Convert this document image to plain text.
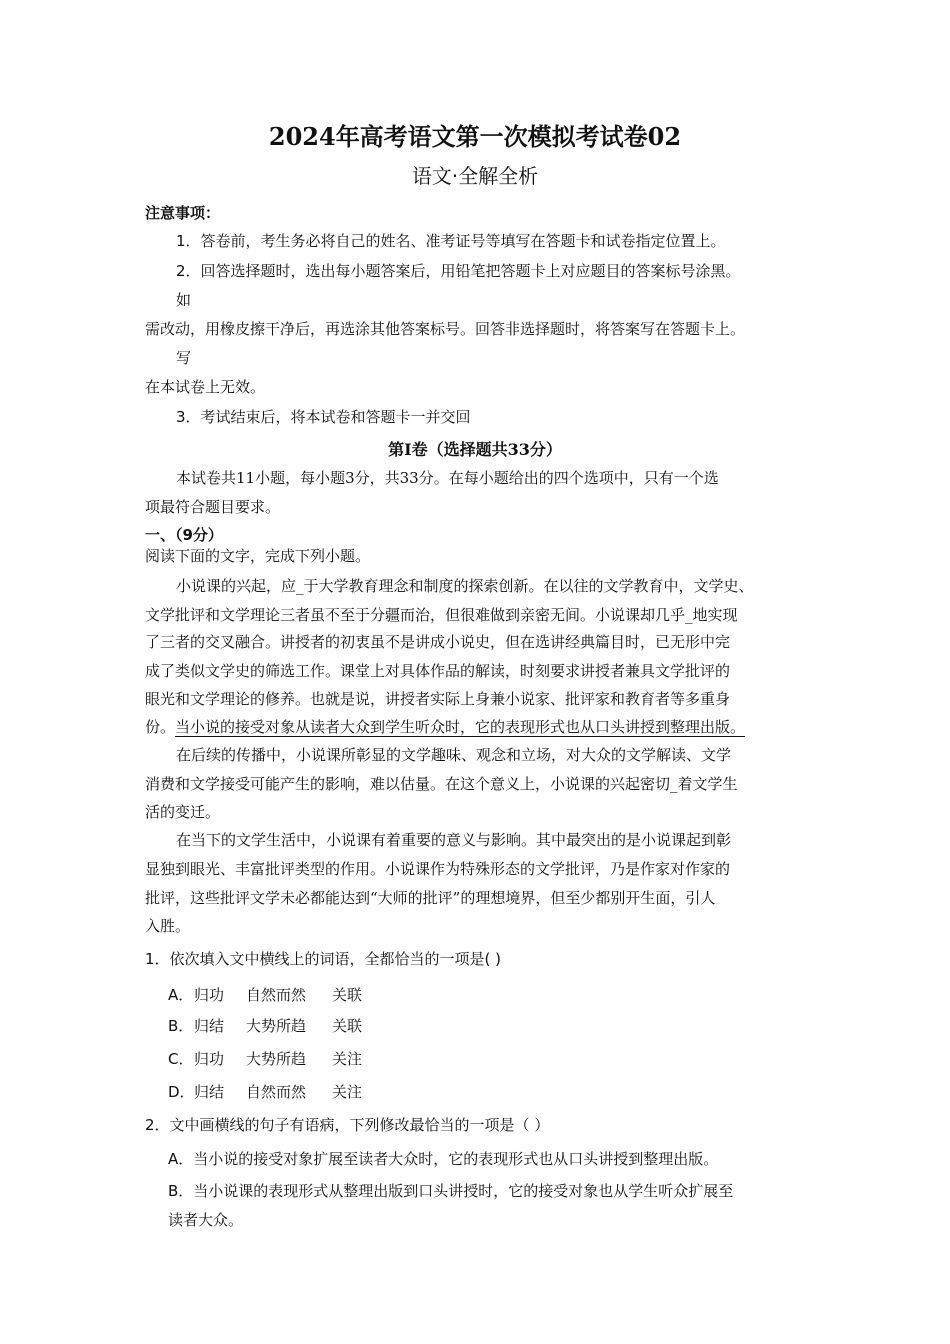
2024年高考语文第一次模拟考试卷02
语文·全解全析
注意事项：
1．答卷前，考生务必将自己的姓名、准考证号等填写在答题卡和试卷指定位置上。
2．回答选择题时，选出每小题答案后，用铅笔把答题卡上对应题目的答案标号涂黑。
如
需改动，用橡皮擦干净后，再选涂其他答案标号。回答非选择题时，将答案写在答题卡上。
写
在本试卷上无效。
3．考试结束后，将本试卷和答题卡一并交回
第Ⅰ卷（选择题共33分）
本试卷共11小题，每小题3分，共33分。在每小题给出的四个选项中，只有一个选
项最符合题目要求。
一、（9分）
阅读下面的文字，完成下列小题。
小说课的兴起，应_于大学教育理念和制度的探索创新。在以往的文学教育中，文学史、
文学批评和文学理论三者虽不至于分疆而治，但很难做到亲密无间。小说课却几乎_地实现
了三者的交叉融合。讲授者的初衷虽不是讲成小说史，但在选讲经典篇目时，已无形中完
成了类似文学史的筛选工作。课堂上对具体作品的解读，时刻要求讲授者兼具文学批评的
眼光和文学理论的修养。也就是说，讲授者实际上身兼小说家、批评家和教育者等多重身
份。当小说的接受对象从读者大众到学生听众时，它的表现形式也从口头讲授到整理出版。
在后续的传播中，小说课所彰显的文学趣味、观念和立场，对大众的文学解读、文学
消费和文学接受可能产生的影响，难以估量。在这个意义上，小说课的兴起密切_着文学生
活的变迁。
在当下的文学生活中，小说课有着重要的意义与影响。其中最突出的是小说课起到彰
显独到眼光、丰富批评类型的作用。小说课作为特殊形态的文学批评，乃是作家对作家的
批评，这些批评文学未必都能达到“大师的批评”的理想境界，但至少都别开生面，引人
入胜。
1．依次填入文中横线上的词语，全都恰当的一项是( )
A．归功 自然而然 关联
B．归结 大势所趋 关联
C．归功 大势所趋 关注
D．归结 自然而然 关注
2．文中画横线的句子有语病，下列修改最恰当的一项是（ ）
A．当小说的接受对象扩展至读者大众时，它的表现形式也从口头讲授到整理出版。
B．当小说课的表现形式从整理出版到口头讲授时，它的接受对象也从学生听众扩展至
读者大众。
